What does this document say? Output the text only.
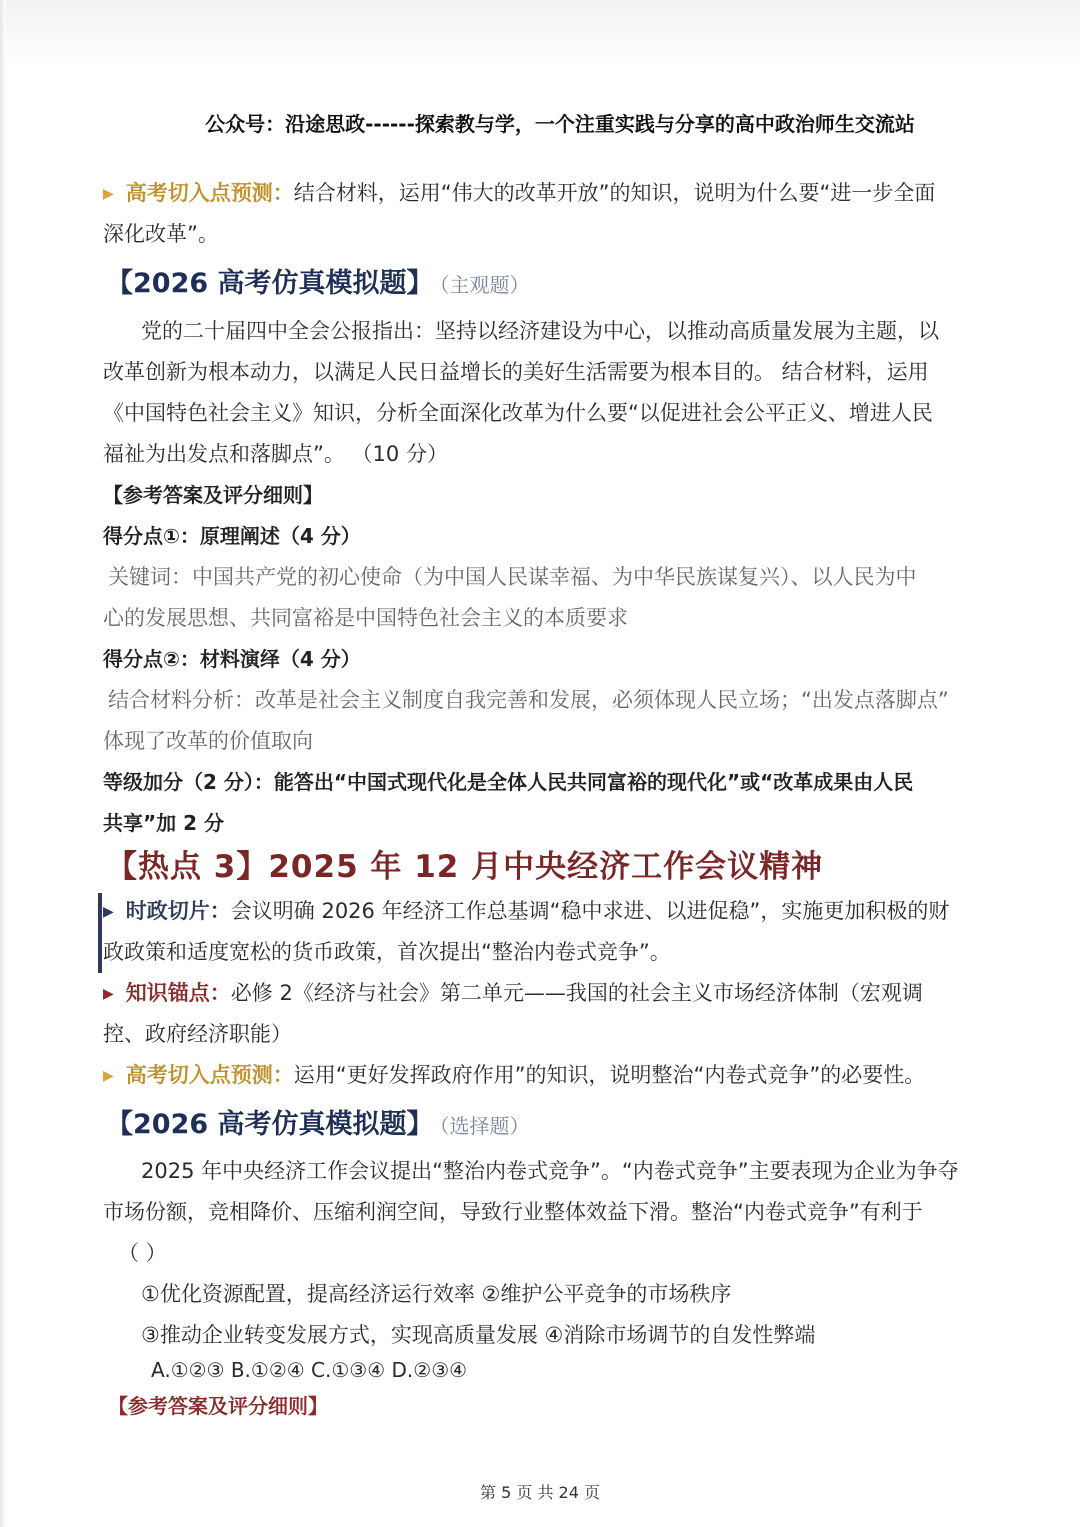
公众号：沿途思政------探索教与学，一个注重实践与分享的高中政治师生交流站
▶ 高考切入点预测：结合材料，运用“伟大的改革开放”的知识，说明为什么要“进一步全面
深化改革”。
【2026 高考仿真模拟题】 （主观题）
党的二十届四中全会公报指出：坚持以经济建设为中心，以推动高质量发展为主题，以
改革创新为根本动力，以满足人民日益增长的美好生活需要为根本目的。 结合材料，运用
《中国特色社会主义》知识，分析全面深化改革为什么要“以促进社会公平正义、增进人民
福祉为出发点和落脚点”。 （10 分）
【参考答案及评分细则】
得分点①：原理阐述（4 分）
关键词：中国共产党的初心使命（为中国人民谋幸福、为中华民族谋复兴）、以人民为中
心的发展思想、共同富裕是中国特色社会主义的本质要求
得分点②：材料演绎（4 分）
结合材料分析：改革是社会主义制度自我完善和发展，必须体现人民立场；“出发点落脚点”
体现了改革的价值取向
等级加分（2 分）：能答出“中国式现代化是全体人民共同富裕的现代化”或“改革成果由人民
共享”加 2 分
【热点 3】2025 年 12 月中央经济工作会议精神
▶ 时政切片：会议明确 2026 年经济工作总基调“稳中求进、以进促稳”，实施更加积极的财
政政策和适度宽松的货币政策，首次提出“整治内卷式竞争”。
▶ 知识锚点：必修 2《经济与社会》第二单元——我国的社会主义市场经济体制（宏观调
控、政府经济职能）
▶ 高考切入点预测：运用“更好发挥政府作用”的知识，说明整治“内卷式竞争”的必要性。
【2026 高考仿真模拟题】 （选择题）
2025 年中央经济工作会议提出“整治内卷式竞争”。“内卷式竞争”主要表现为企业为争夺
市场份额，竞相降价、压缩利润空间，导致行业整体效益下滑。整治“内卷式竞争”有利于
（ ）
①优化资源配置，提高经济运行效率 ②维护公平竞争的市场秩序
③推动企业转变发展方式，实现高质量发展 ④消除市场调节的自发性弊端
A.①②③ B.①②④ C.①③④ D.②③④
【参考答案及评分细则】
第 5 页 共 24 页
